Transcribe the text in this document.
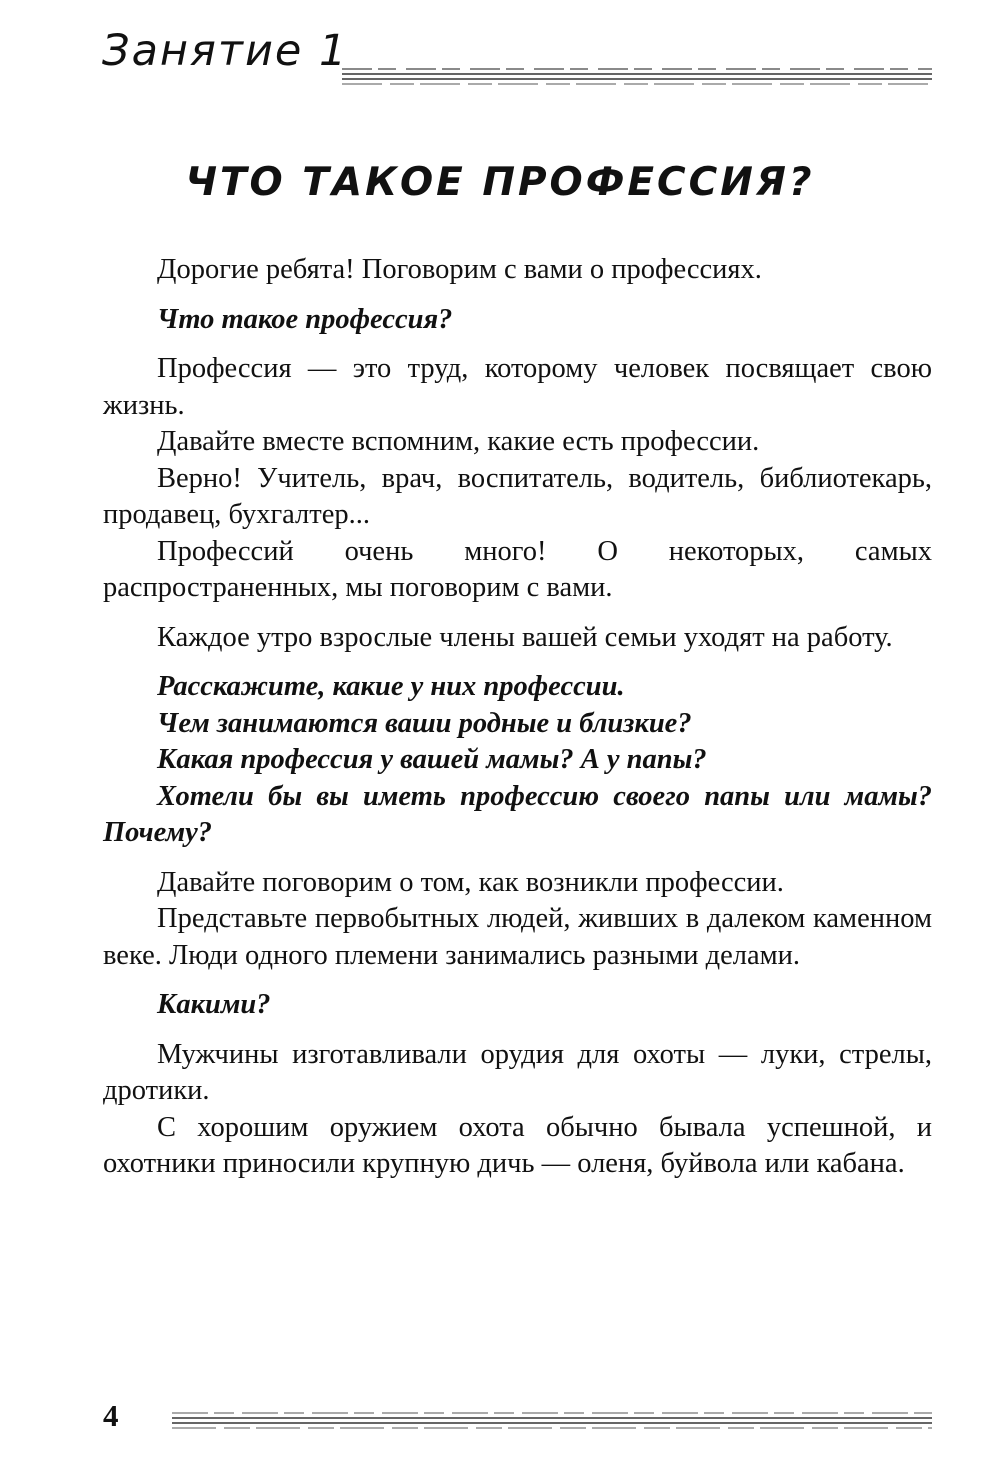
Занятие 1
ЧТО ТАКОЕ ПРОФЕССИЯ?

Дорогие ребята! Поговорим с вами о профессиях.

Что такое профессия?

Профессия — это труд, которому человек посвящает свою жизнь.

Давайте вместе вспомним, какие есть профессии.

Верно! Учитель, врач, воспитатель, водитель, библиотекарь, продавец, бухгалтер...

Профессий очень много! О некоторых, самых распространенных, мы поговорим с вами.

Каждое утро взрослые члены вашей семьи уходят на работу.

Расскажите, какие у них профессии.

Чем занимаются ваши родные и близкие?

Какая профессия у вашей мамы? А у папы?

Хотели бы вы иметь профессию своего папы или мамы? Почему?

Давайте поговорим о том, как возникли профессии.

Представьте первобытных людей, живших в далеком каменном веке. Люди одного племени занимались разными делами.

Какими?

Мужчины изготавливали орудия для охоты — луки, стрелы, дротики.

С хорошим оружием охота обычно бывала успешной, и охотники приносили крупную дичь — оленя, буйвола или кабана.

4
